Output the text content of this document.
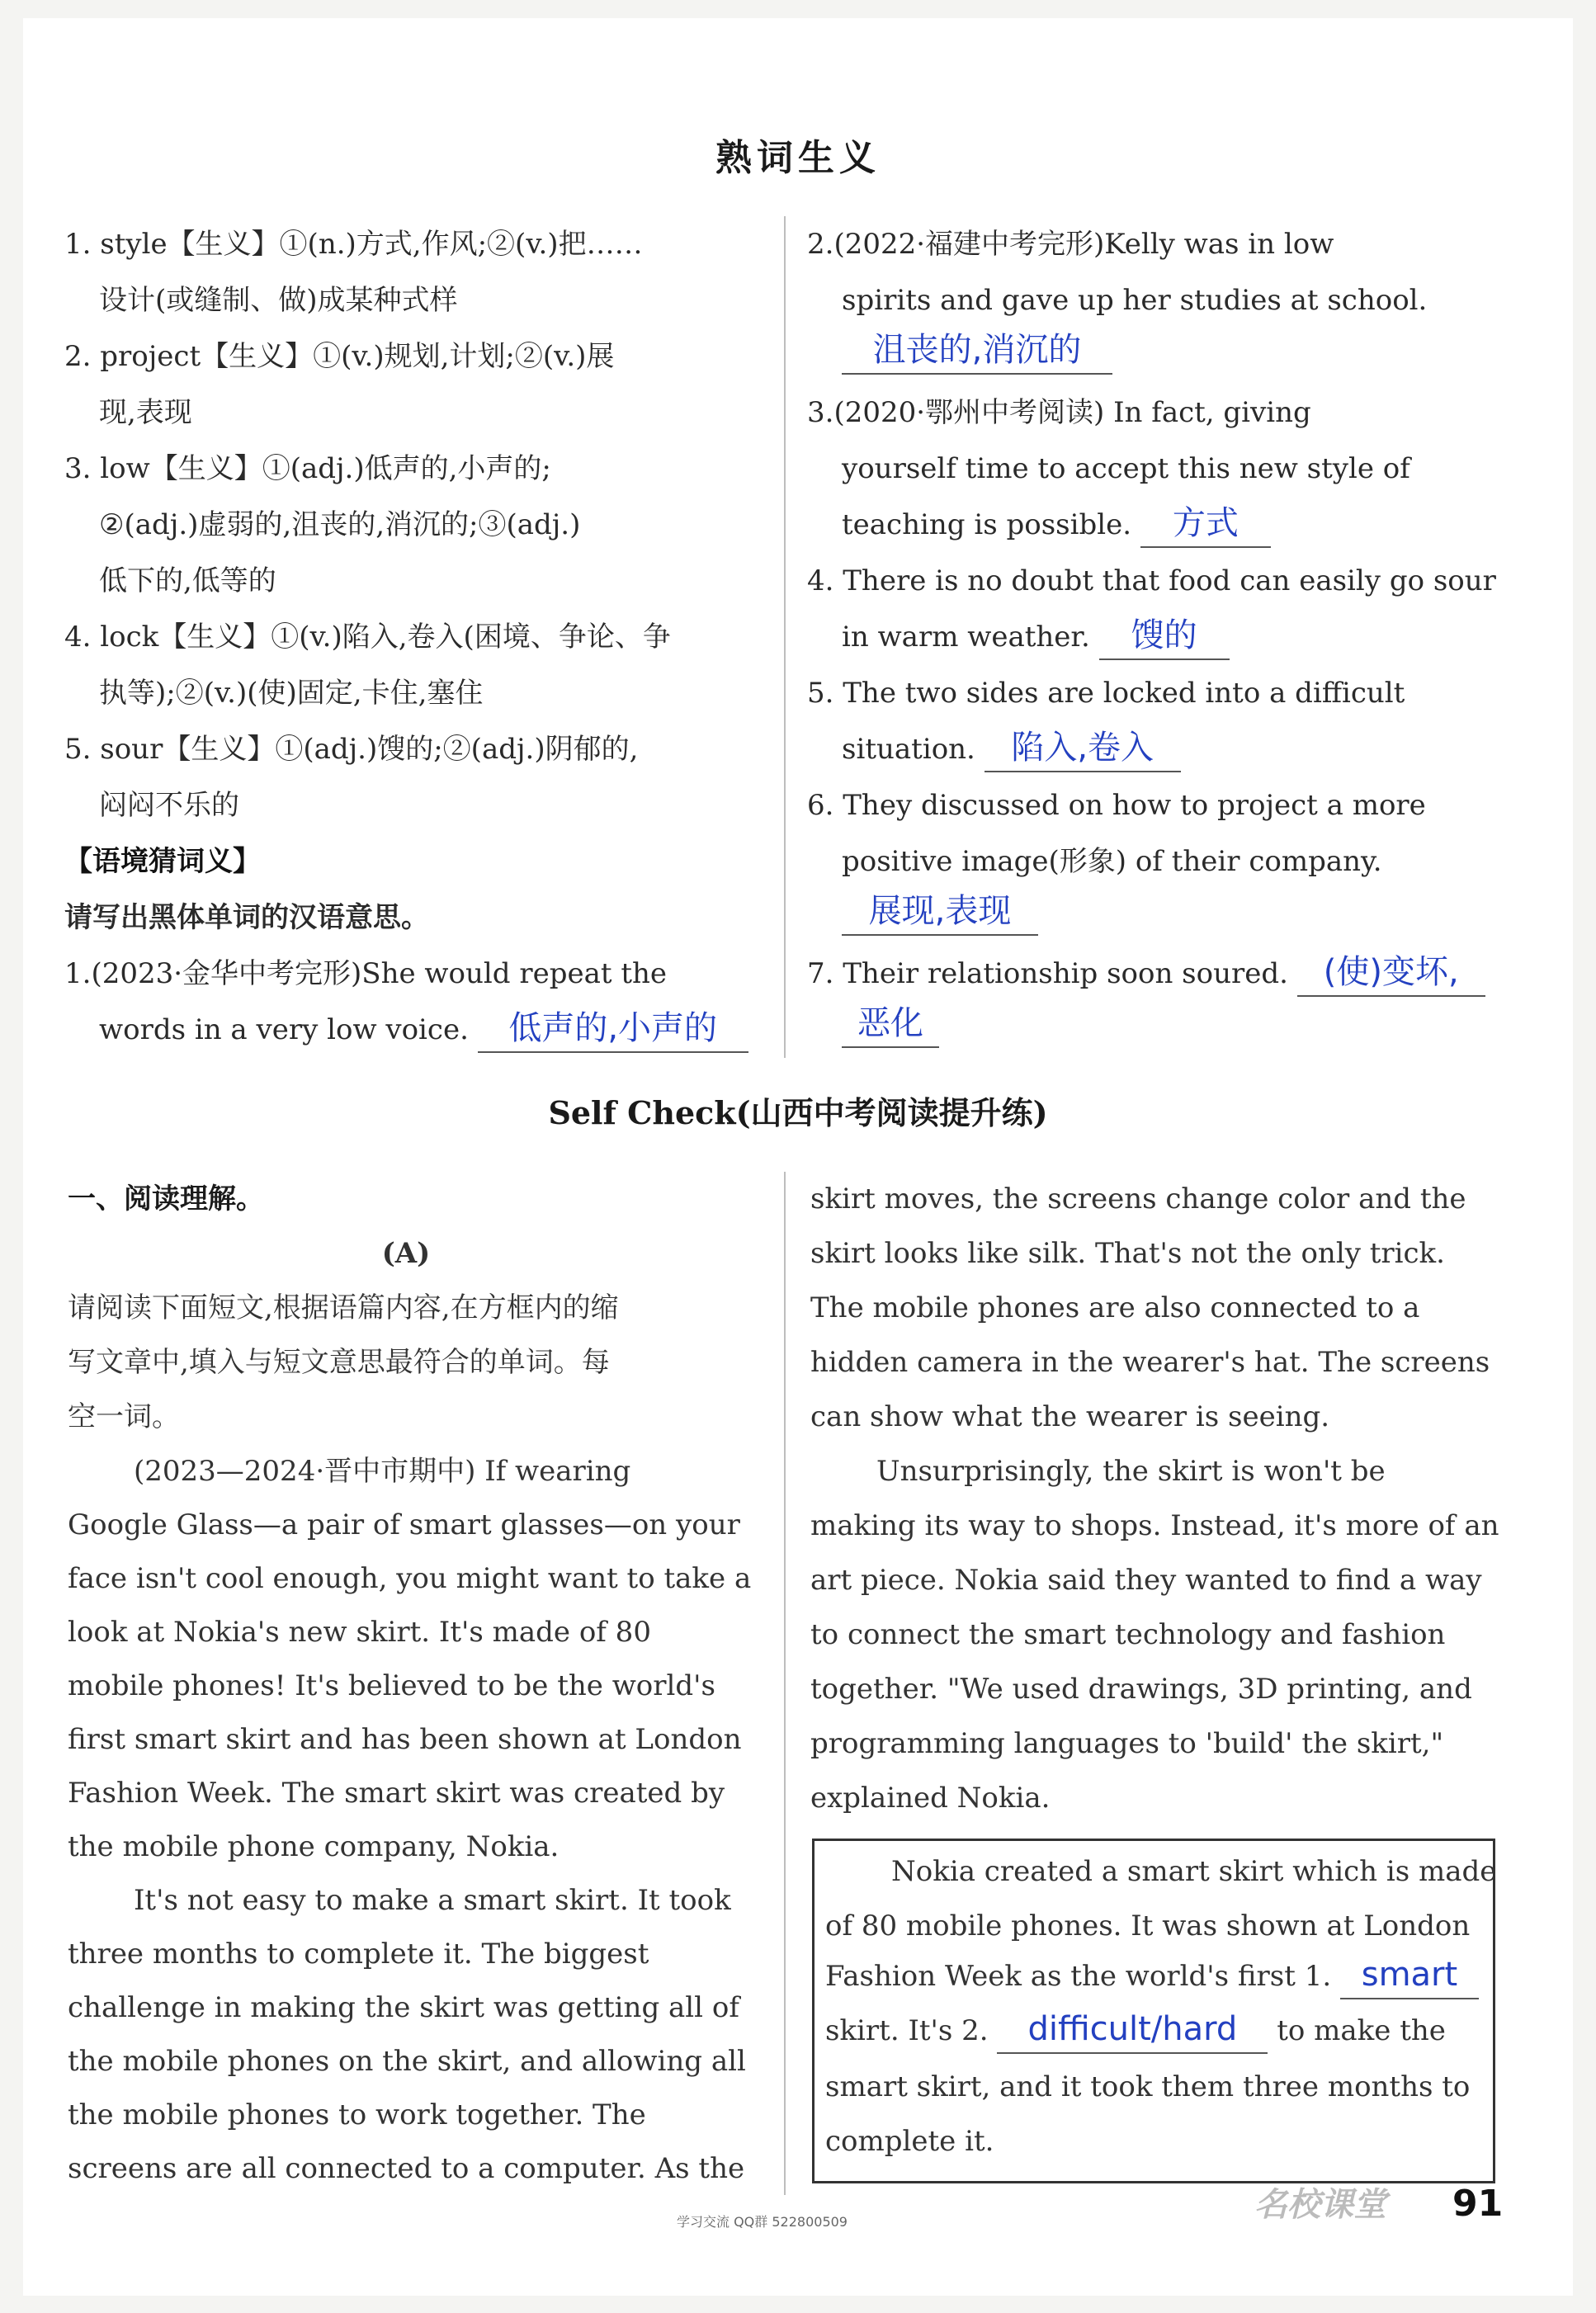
熟词生义
1. style【生义】①(n.)方式,作风;②(v.)把……
设计(或缝制、做)成某种式样
2. project【生义】①(v.)规划,计划;②(v.)展
现,表现
3. low【生义】①(adj.)低声的,小声的;
②(adj.)虚弱的,沮丧的,消沉的;③(adj.)
低下的,低等的
4. lock【生义】①(v.)陷入,卷入(困境、争论、争
执等);②(v.)(使)固定,卡住,塞住
5. sour【生义】①(adj.)馊的;②(adj.)阴郁的,
闷闷不乐的
【语境猜词义】
请写出黑体单词的汉语意思。
1.(2023·金华中考完形)She would repeat the
words in a very low voice. 低声的,小声的
2.(2022·福建中考完形)Kelly was in low
spirits and gave up her studies at school.
沮丧的,消沉的
3.(2020·鄂州中考阅读) In fact, giving
yourself time to accept this new style of
teaching is possible. 方式
4. There is no doubt that food can easily go sour
in warm weather. 馊的
5. The two sides are locked into a difficult
situation. 陷入,卷入
6. They discussed on how to project a more
positive image(形象) of their company.
展现,表现
7. Their relationship soon soured. (使)变坏,
恶化
Self Check(山西中考阅读提升练)
一、阅读理解。
(A)
请阅读下面短文,根据语篇内容,在方框内的缩
写文章中,填入与短文意思最符合的单词。每
空一词。
(2023—2024·晋中市期中) If wearing
Google Glass—a pair of smart glasses—on your
face isn't cool enough, you might want to take a
look at Nokia's new skirt. It's made of 80
mobile phones! It's believed to be the world's
first smart skirt and has been shown at London
Fashion Week. The smart skirt was created by
the mobile phone company, Nokia.
It's not easy to make a smart skirt. It took
three months to complete it. The biggest
challenge in making the skirt was getting all of
the mobile phones on the skirt, and allowing all
the mobile phones to work together. The
screens are all connected to a computer. As the
skirt moves, the screens change color and the
skirt looks like silk. That's not the only trick.
The mobile phones are also connected to a
hidden camera in the wearer's hat. The screens
can show what the wearer is seeing.
Unsurprisingly, the skirt is won't be
making its way to shops. Instead, it's more of an
art piece. Nokia said they wanted to find a way
to connect the smart technology and fashion
together. "We used drawings, 3D printing, and
programming languages to 'build' the skirt,"
explained Nokia.
Nokia created a smart skirt which is made
of 80 mobile phones. It was shown at London
Fashion Week as the world's first 1. smart
skirt. It's 2. difficult/hard to make the
smart skirt, and it took them three months to
complete it.
学习交流 QQ群 522800509	名校课堂 91
